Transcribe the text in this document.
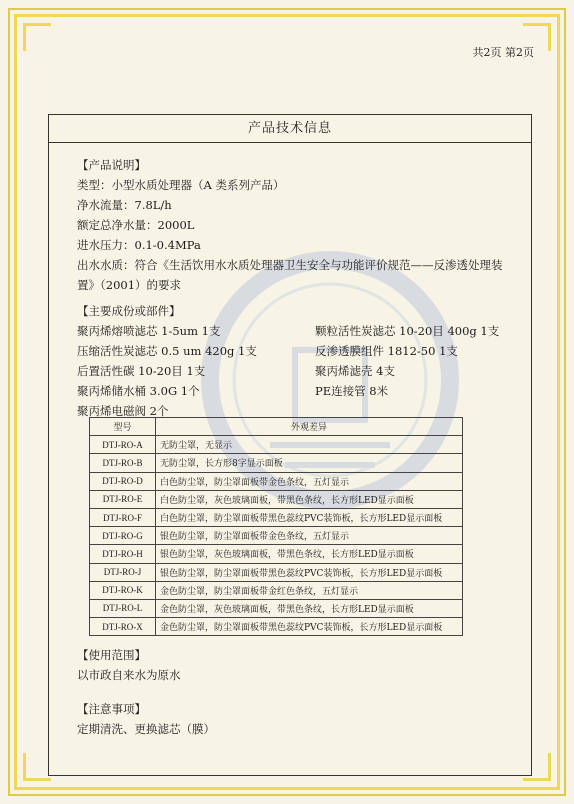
共2页 第2页
产品技术信息
【产品说明】
类型：小型水质处理器（A 类系列产品）
净水流量：7.8L/h
额定总净水量：2000L
进水压力：0.1-0.4MPa
出水水质：符合《生活饮用水水质处理器卫生安全与功能评价规范——反渗透处理装置》（2001）的要求
【主要成份或部件】
聚丙烯熔喷滤芯 1-5um 1支	颗粒活性炭滤芯 10-20目 400g 1支
压缩活性炭滤芯 0.5 um 420g 1支	反渗透膜组件 1812-50 1支
后置活性碳 10-20目 1支	聚丙烯滤壳 4支
聚丙烯储水桶 3.0G 1个	PE连接管 8米
聚丙烯电磁阀 2个
型号	外观差异
DTJ-RO-A	无防尘罩，无显示
DTJ-RO-B	无防尘罩，长方形8字显示面板
DTJ-RO-D	白色防尘罩，防尘罩面板带金色条纹，五灯显示
DTJ-RO-E	白色防尘罩，灰色玻璃面板，带黑色条纹，长方形LED显示面板
DTJ-RO-F	白色防尘罩，防尘罩面板带黑色蕊纹PVC装饰板，长方形LED显示面板
DTJ-RO-G	银色防尘罩，防尘罩面板带金色条纹，五灯显示
DTJ-RO-H	银色防尘罩，灰色玻璃面板，带黑色条纹，长方形LED显示面板
DTJ-RO-J	银色防尘罩，防尘罩面板带黑色蕊纹PVC装饰板，长方形LED显示面板
DTJ-RO-K	金色防尘罩，防尘罩面板带金红色条纹，五灯显示
DTJ-RO-L	金色防尘罩，灰色玻璃面板，带黑色条纹，长方形LED显示面板
DTJ-RO-X	金色防尘罩，防尘罩面板带黑色蕊纹PVC装饰板，长方形LED显示面板
【使用范围】
以市政自来水为原水
【注意事项】
定期清洗、更换滤芯（膜）
